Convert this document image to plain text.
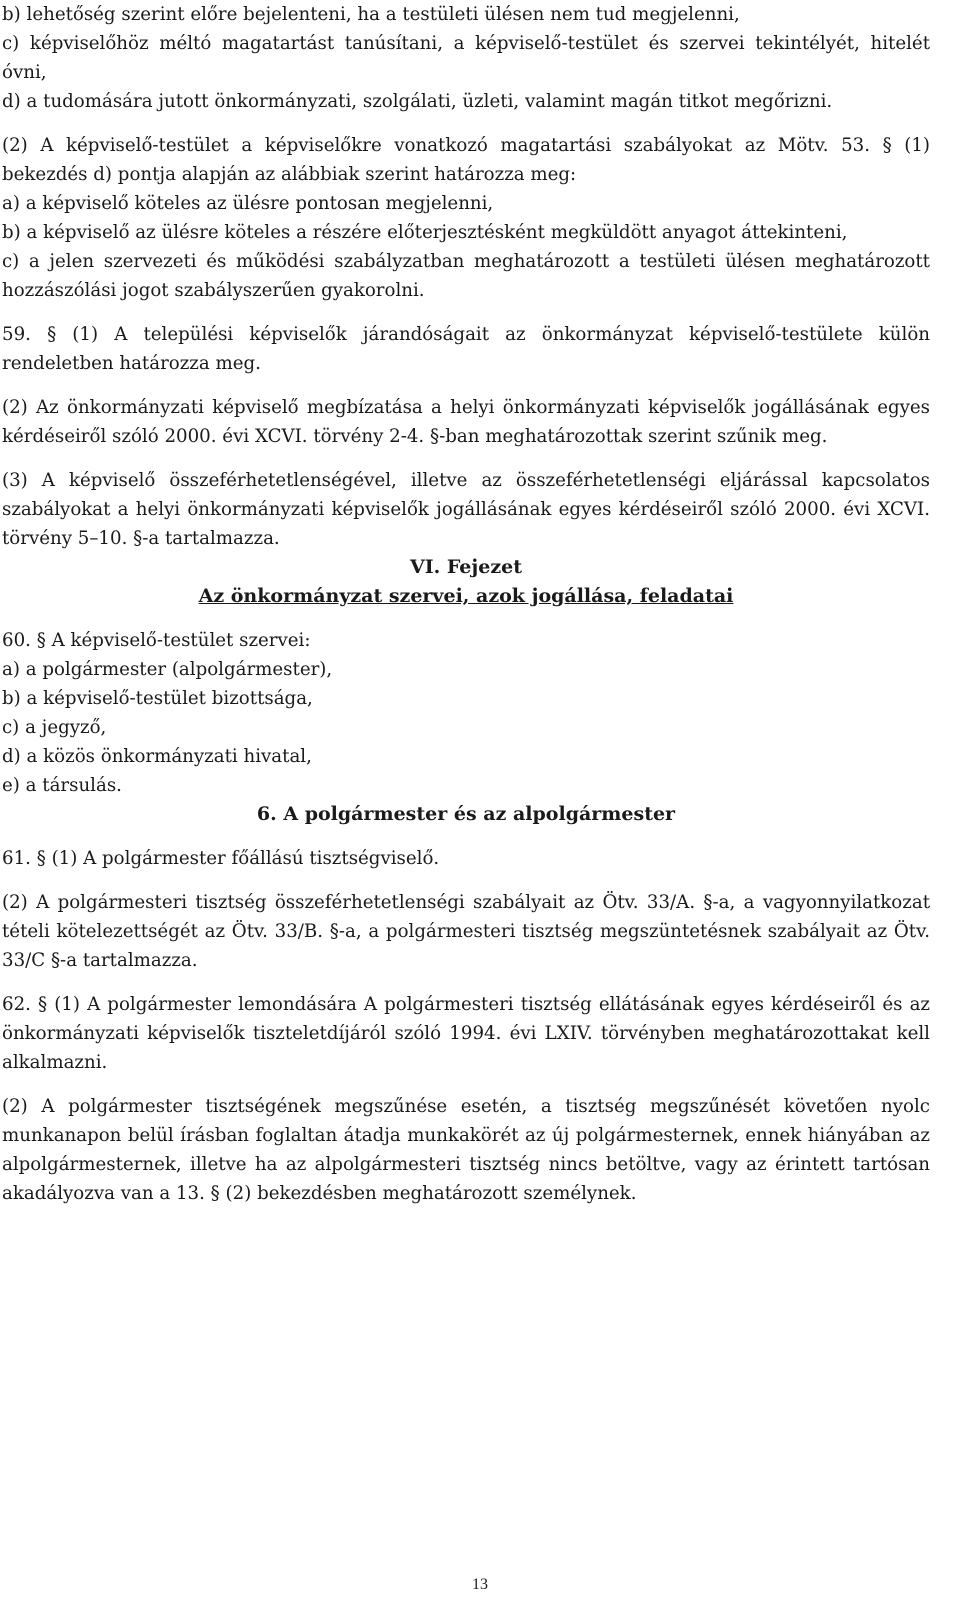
b) lehetőség szerint előre bejelenteni, ha a testületi ülésen nem tud megjelenni,

c) képviselőhöz méltó magatartást tanúsítani, a képviselő-testület és szervei tekintélyét, hitelét óvni,

d) a tudomására jutott önkormányzati, szolgálati, üzleti, valamint magán titkot megőrizni.

(2) A képviselő-testület a képviselőkre vonatkozó magatartási szabályokat az Mötv. 53. § (1) bekezdés d) pontja alapján az alábbiak szerint határozza meg:

a) a képviselő köteles az ülésre pontosan megjelenni,

b) a képviselő az ülésre köteles a részére előterjesztésként megküldött anyagot áttekinteni,

c) a jelen szervezeti és működési szabályzatban meghatározott a testületi ülésen meghatározott hozzászólási jogot szabályszerűen gyakorolni.

59. § (1) A települési képviselők járandóságait az önkormányzat képviselő-testülete külön rendeletben határozza meg.

(2) Az önkormányzati képviselő megbízatása a helyi önkormányzati képviselők jogállásának egyes kérdéseiről szóló 2000. évi XCVI. törvény 2-4. §-ban meghatározottak szerint szűnik meg.

(3) A képviselő összeférhetetlenségével, illetve az összeférhetetlenségi eljárással kapcsolatos szabályokat a helyi önkormányzati képviselők jogállásának egyes kérdéseiről szóló 2000. évi XCVI. törvény 5–10. §-a tartalmazza.

VI. Fejezet

Az önkormányzat szervei, azok jogállása, feladatai

60. § A képviselő-testület szervei:

a) a polgármester (alpolgármester),

b) a képviselő-testület bizottsága,

c) a jegyző,

d) a közös önkormányzati hivatal,

e) a társulás.

6. A polgármester és az alpolgármester

61. § (1) A polgármester főállású tisztségviselő.

(2) A polgármesteri tisztség összeférhetetlenségi szabályait az Ötv. 33/A. §-a, a vagyonnyilatkozat tételi kötelezettségét az Ötv. 33/B. §-a, a polgármesteri tisztség megszüntetésnek szabályait az Ötv. 33/C §-a tartalmazza.

62. § (1) A polgármester lemondására A polgármesteri tisztség ellátásának egyes kérdéseiről és az önkormányzati képviselők tiszteletdíjáról szóló 1994. évi LXIV. törvényben meghatározottakat kell alkalmazni.

(2) A polgármester tisztségének megszűnése esetén, a tisztség megszűnését követően nyolc munkanapon belül írásban foglaltan átadja munkakörét az új polgármesternek, ennek hiányában az alpolgármesternek, illetve ha az alpolgármesteri tisztség nincs betöltve, vagy az érintett tartósan akadályozva van a 13. § (2) bekezdésben meghatározott személynek.

13
